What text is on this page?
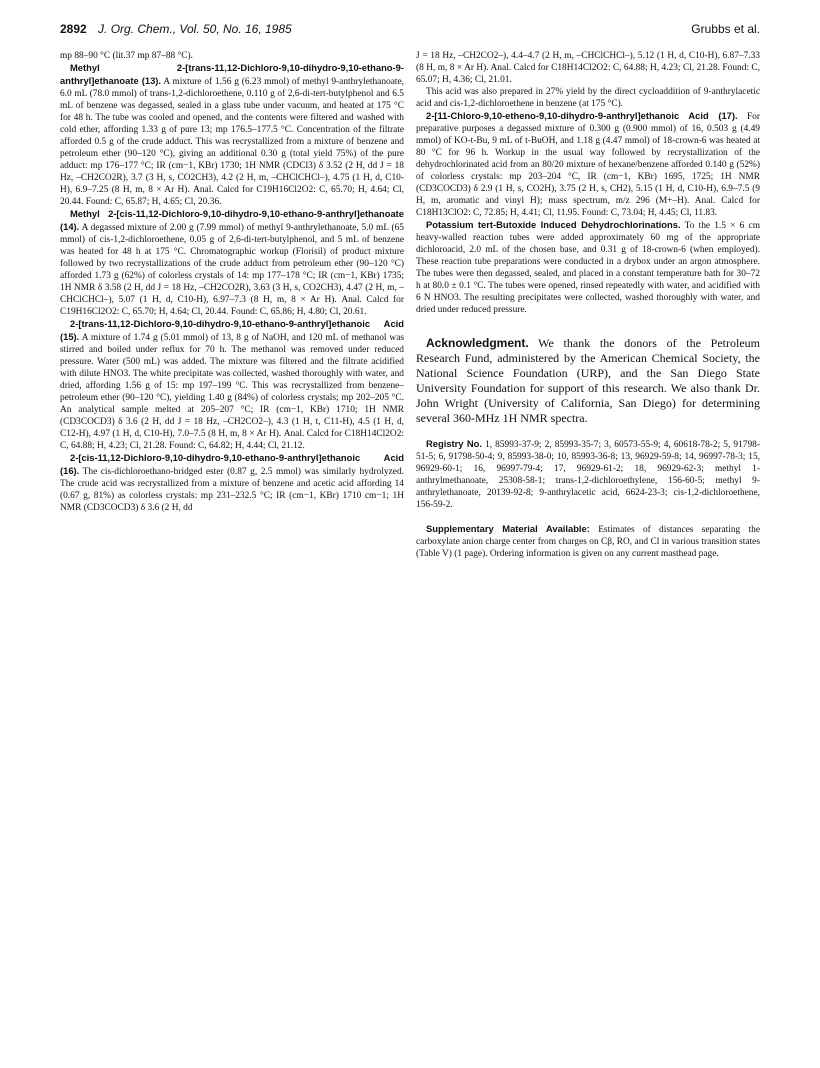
2892 J. Org. Chem., Vol. 50, No. 16, 1985	Grubbs et al.

mp 88–90 °C (lit.37 mp 87–88 °C).

Methyl 2-[trans-11,12-Dichloro-9,10-dihydro-9,10-ethano-9-anthryl]ethanoate (13). A mixture of 1.56 g (6.23 mmol) of methyl 9-anthrylethanoate, 6.0 mL (78.0 mmol) of trans-1,2-dichloroethene, 0.110 g of 2,6-di-tert-butylphenol and 6.5 mL of benzene was degassed, sealed in a glass tube under vacuum, and heated at 175 °C for 48 h. The tube was cooled and opened, and the contents were filtered and washed with cold ether, affording 1.33 g of pure 13; mp 176.5–177.5 °C. Concentration of the filtrate afforded 0.5 g of the crude adduct. This was recrystallized from a mixture of benzene and petroleum ether (90–120 °C), giving an additional 0.30 g (total yield 75%) of the pure adduct: mp 176–177 °C; IR (cm−1, KBr) 1730; 1H NMR (CDCl3) δ 3.52 (2 H, dd J = 18 Hz, –CH2CO2R), 3.7 (3 H, s, CO2CH3), 4.2 (2 H, m, –CHClCHCl–), 4.75 (1 H, d, C10-H), 6.9–7.25 (8 H, m, 8 × Ar H). Anal. Calcd for C19H16Cl2O2: C, 65.70; H, 4.64; Cl, 20.44. Found: C, 65.87; H, 4.65; Cl, 20.36.

Methyl 2-[cis-11,12-Dichloro-9,10-dihydro-9,10-ethano-9-anthryl]ethanoate (14). A degassed mixture of 2.00 g (7.99 mmol) of methyl 9-anthrylethanoate, 5.0 mL (65 mmol) of cis-1,2-dichloroethene, 0.05 g of 2,6-di-tert-butylphenol, and 5 mL of benzene was heated for 48 h at 175 °C. Chromatographic workup (Florisil) of product mixture followed by two recrystallizations of the crude adduct from petroleum ether (90–120 °C) afforded 1.73 g (62%) of colorless crystals of 14: mp 177–178 °C; IR (cm−1, KBr) 1735; 1H NMR δ 3.58 (2 H, dd J = 18 Hz, –CH2CO2R), 3.63 (3 H, s, CO2CH3), 4.47 (2 H, m, –CHClCHCl–), 5.07 (1 H, d, C10-H), 6.97–7.3 (8 H, m, 8 × Ar H). Anal. Calcd for C19H16Cl2O2: C, 65.70; H, 4.64; Cl, 20.44. Found: C, 65.86; H, 4.80; Cl, 20.61.

2-[trans-11,12-Dichloro-9,10-dihydro-9,10-ethano-9-anthryl]ethanoic Acid (15). A mixture of 1.74 g (5.01 mmol) of 13, 8 g of NaOH, and 120 mL of methanol was stirred and boiled under reflux for 70 h. The methanol was removed under reduced pressure. Water (500 mL) was added. The mixture was filtered and the filtrate acidified with dilute HNO3. The white precipitate was collected, washed thoroughly with water, and dried, affording 1.56 g of 15: mp 197–199 °C. This was recrystallized from benzene–petroleum ether (90–120 °C), yielding 1.40 g (84%) of colorless crystals; mp 202–205 °C. An analytical sample melted at 205–207 °C; IR (cm−1, KBr) 1710; 1H NMR (CD3COCD3) δ 3.6 (2 H, dd J = 18 Hz, –CH2CO2–), 4.3 (1 H, t, C11-H), 4.5 (1 H, d, C12-H), 4.97 (1 H, d, C10-H), 7.0–7.5 (8 H, m, 8 × Ar H). Anal. Calcd for C18H14Cl2O2: C, 64.88; H, 4.23; Cl, 21.28. Found: C, 64.82; H, 4.44; Cl, 21.12.

2-[cis-11,12-Dichloro-9,10-dihydro-9,10-ethano-9-anthryl]ethanoic Acid (16). The cis-dichloroethano-bridged ester (0.87 g, 2.5 mmol) was similarly hydrolyzed. The crude acid was recrystallized from a mixture of benzene and acetic acid affording 14 (0.67 g, 81%) as colorless crystals: mp 231–232.5 °C; IR (cm−1, KBr) 1710 cm−1; 1H NMR (CD3COCD3) δ 3.6 (2 H, dd

J = 18 Hz, –CH2CO2–), 4.4–4.7 (2 H, m, –CHClCHCl–), 5.12 (1 H, d, C10-H), 6.87–7.33 (8 H, m, 8 × Ar H). Anal. Calcd for C18H14Cl2O2: C, 64.88; H, 4.23; Cl, 21.28. Found: C, 65.07; H, 4.36; Cl, 21.01.

This acid was also prepared in 27% yield by the direct cycloaddition of 9-anthrylacetic acid and cis-1,2-dichloroethene in benzene (at 175 °C).

2-[11-Chloro-9,10-etheno-9,10-dihydro-9-anthryl]ethanoic Acid (17). For preparative purposes a degassed mixture of 0.300 g (0.900 mmol) of 16, 0.503 g (4.49 mmol) of KO-t-Bu, 9 mL of t-BuOH, and 1.18 g (4.47 mmol) of 18-crown-6 was heated at 80 °C for 96 h. Workup in the usual way followed by recrystallization of the dehydrochlorinated acid from an 80/20 mixture of hexane/benzene afforded 0.140 g (52%) of colorless crystals: mp 203–204 °C, IR (cm−1, KBr) 1695, 1725; 1H NMR (CD3COCD3) δ 2.9 (1 H, s, CO2H), 3.75 (2 H, s, CH2), 5.15 (1 H, d, C10-H), 6.9–7.5 (9 H, m, aromatic and vinyl H); mass spectrum, m/z 296 (M+–H). Anal. Calcd for C18H13ClO2: C, 72.85; H, 4.41; Cl, 11.95. Found: C, 73.04; H, 4.45; Cl, 11.83.

Potassium tert-Butoxide Induced Dehydrochlorinations. To the 1.5 × 6 cm heavy-walled reaction tubes were added approximately 60 mg of the appropriate dichloroacid, 2.0 mL of the chosen base, and 0.31 g of 18-crown-6 (when employed). These reaction tube preparations were conducted in a drybox under an argon atmosphere. The tubes were then degassed, sealed, and placed in a constant temperature bath for 30–72 h at 80.0 ± 0.1 °C. The tubes were opened, rinsed repeatedly with water, and acidified with 6 N HNO3. The resulting precipitates were collected, washed thoroughly with water, and dried under reduced pressure.

Acknowledgment. We thank the donors of the Petroleum Research Fund, administered by the American Chemical Society, the National Science Foundation (URP), and the San Diego State University Foundation for support of this research. We also thank Dr. John Wright (University of California, San Diego) for determining several 360-MHz 1H NMR spectra.

Registry No. 1, 85993-37-9; 2, 85993-35-7; 3, 60573-55-9; 4, 60618-78-2; 5, 91798-51-5; 6, 91798-50-4; 9, 85993-38-0; 10, 85993-36-8; 13, 96929-59-8; 14, 96997-78-3; 15, 96929-60-1; 16, 96997-79-4; 17, 96929-61-2; 18, 96929-62-3; methyl 1-anthrylmethanoate, 25308-58-1; trans-1,2-dichloroethylene, 156-60-5; methyl 9-anthrylethanoate, 20139-92-8; 9-anthrylacetic acid, 6624-23-3; cis-1,2-dichloroethene, 156-59-2.

Supplementary Material Available: Estimates of distances separating the carboxylate anion charge center from charges on Cβ, RO, and Cl in various transition states (Table V) (1 page). Ordering information is given on any current masthead page.
